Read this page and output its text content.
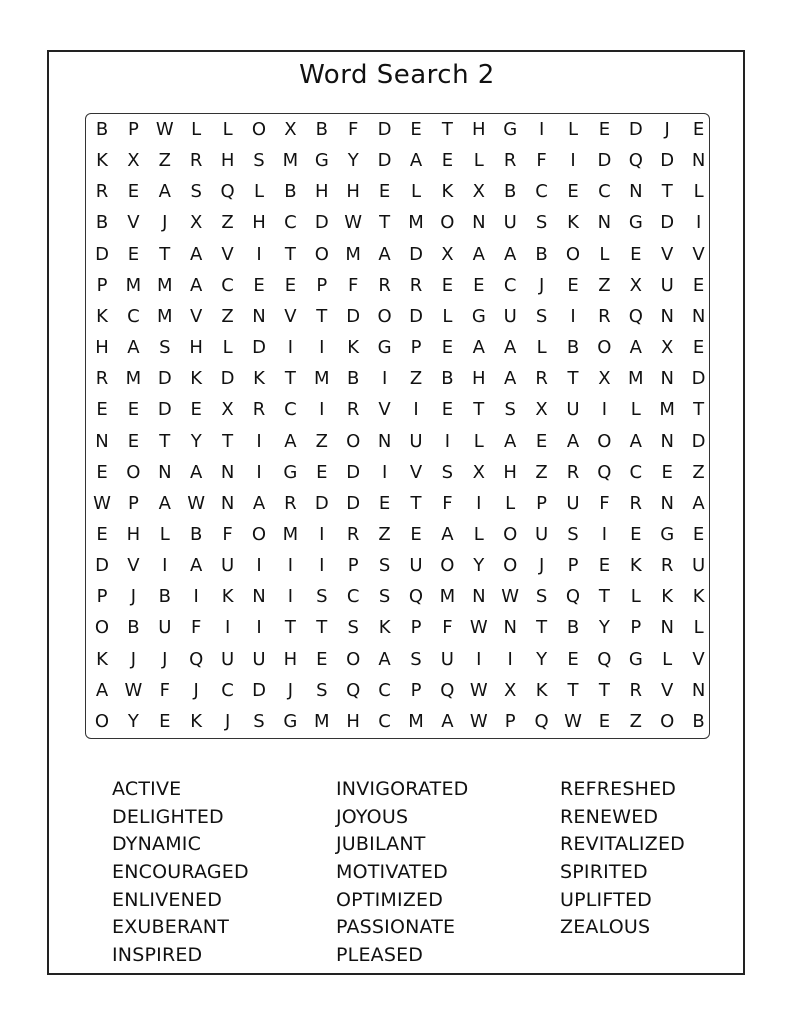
Word Search 2
B	P W L	L	O	X	B	F	D	E	T	H G	I	L	E	D	J	E
K	X	Z	R	H	S M G	Y	D	A	E	L	R	F	I	D Q D N
R	E	A	S	Q	L	B	H H	E	L	K	X	B	C	E	C	N	T	L
B	V	J	X	Z	H	C	D W T	M O N	U	S	K	N G D	I
D	E	T	A	V	I	T	O M A	D	X	A	A	B	O	L	E	V	V
P	M M A	C	E	E	P	F	R	R	E	E	C	J	E	Z	X	U	E
K	C M V	Z	N	V	T	D O D	L	G U	S	I	R	Q N N
H	A	S	H	L	D	I	I	K	G	P	E	A	A	L	B	O	A	X	E
R M D	K	D	K	T	M B	I	Z	B	H	A	R	T	X M N D
E	E	D	E	X	R	C	I	R	V	I	E	T	S	X	U	I	L	M	T
N	E	T	Y	T	I	A	Z	O N	U	I	L	A	E	A	O	A	N D
E	O N	A	N	I	G	E	D	I	V	S	X	H	Z	R	Q	C	E	Z
W P	A W N	A	R	D D	E	T	F	I	L	P	U	F	R	N	A
E	H	L	B	F	O M	I	R	Z	E	A	L	O U	S	I	E	G	E
D	V	I	A	U	I	I	I	P	S	U O	Y	O	J	P	E	K	R	U
P	J	B	I	K	N	I	S	C	S	Q M N W S	Q	T	L	K	K
O	B	U	F	I	I	T	T	S	K	P	F W N	T	B	Y	P	N	L
K	J	J	Q U	U	H	E	O	A	S	U	I	I	Y	E	Q G	L	V
A W F	J	C	D	J	S	Q	C	P	Q W X	K	T	T	R	V	N
O	Y	E	K	J	S	G M H	C M A W P	Q W E	Z	O	B
ACTIVE
DELIGHTED
DYNAMIC
ENCOURAGED
ENLIVENED
EXUBERANT
INSPIRED
INVIGORATED
JOYOUS
JUBILANT
MOTIVATED
OPTIMIZED
PASSIONATE
PLEASED
REFRESHED
RENEWED
REVITALIZED
SPIRITED
UPLIFTED
ZEALOUS
